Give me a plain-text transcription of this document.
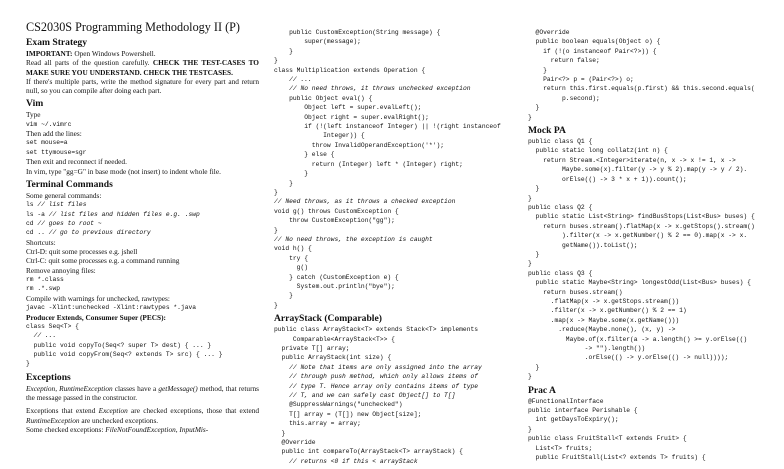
CS2030S Programming Methodology II (P)
Exam Strategy
IMPORTANT: Open Windows Powershell.
Read all parts of the question carefully. CHECK THE TEST-CASES TO MAKE SURE YOU UNDERSTAND. CHECK THE TESTCASES.
If there's multiple parts, write the method signature for every part and return null, so you can compile after doing each part.
Vim
Type
vim ~/.vimrc
Then add the lines:
set mouse=a
set ttymouse=sgr
Then exit and reconnect if needed.
In vim, type "gg=G" in base mode (not insert) to indent whole file.
Terminal Commands
Some general commands:
ls // list files
ls -a // list files and hidden files e.g. .swp
cd // goes to root ~
cd .. // go to previous directory
Shortcuts:
Ctrl-D: quit some processes e.g. jshell
Ctrl-C: quit some processes e.g. a command running
Remove annoying files:
rm *.class
rm .*.swp
Compile with warnings for unchecked, rawtypes:
javac -Xlint:unchecked -Xlint:rawtypes *.java
Producer Extends, Consumer Super (PECS):
class Seq<T> {
// ...
public void copyTo(Seq<? super T> dest) { ... }
public void copyFrom(Seq<? extends T> src) { ... }
}
Exceptions
Exception, RuntimeException classes have a getMessage() method, that returns the message passed in the constructor.
Exceptions that extend Exception are checked exceptions, those that extend RuntimeException are unchecked exceptions.
Some checked exceptions: FileNotFoundException, InputMis-
public CustomException(String message) {
super(message);
}
}
class Multiplication extends Operation {
// ...
// No need throws, it throws unchecked exception
public Object eval() {
Object left = super.evalLeft();
Object right = super.evalRight();
if (!(left instanceof Integer) || !(right instanceof
Integer)) {
throw InvalidOperandException('*');
} else {
return (Integer) left * (Integer) right;
}
}
}
// Need throws, as it throws a checked exception
void g() throws CustomException {
throw CustomException("gg");
}
// No need throws, the exception is caught
void h() {
try {
g()
} catch (CustomException e) {
System.out.println("bye");
}
}
ArrayStack (Comparable)
public class ArrayStack<T> extends Stack<T> implements
Comparable<ArrayStack<T>> {
private T[] array;
public ArrayStack(int size) {
// Note that items are only assigned into the array
// through push method, which only allows items of
// type T. Hence array only contains items of type
// T, and we can safely cast Object[] to T[]
@SuppressWarnings("unchecked")
T[] array = (T[]) new Object[size];
this.array = array;
}
@Override
public int compareTo(ArrayStack<T> arrayStack) {
// returns <0 if this < arrayStack
@Override
public boolean equals(Object o) {
if (!(o instanceof Pair<?>)) {
return false;
}
Pair<?> p = (Pair<?>) o;
return this.first.equals(p.first) && this.second.equals(
p.second);
}
}
Mock PA
public class Q1 {
public static long collatz(int n) {
return Stream.<Integer>iterate(n, x -> x != 1, x ->
Maybe.some(x).filter(y -> y % 2).map(y -> y / 2).
orElse(() -> 3 * x + 1)).count();
}
}
public class Q2 {
public static List<String> findBusStops(List<Bus> buses) {
return buses.stream().flatMap(x -> x.getStops().stream()
).filter(x -> x.getNumber() % 2 == 0).map(x -> x.
getName()).toList();
}
}
public class Q3 {
public static Maybe<String> longestOdd(List<Bus> buses) {
return buses.stream()
.flatMap(x -> x.getStops.stream())
.filter(x -> x.getNumber() % 2 == 1)
.map(x -> Maybe.some(x.getName()))
.reduce(Maybe.none(), (x, y) ->
Maybe.of(x.filter(a -> a.length() >= y.orElse(()
-> "").length())
.orElse(() -> y.orElse(() -> null))));
}
}
Prac A
@FunctionalInterface
public interface Perishable {
int getDaysToExpiry();
}
public class FruitStall<T extends Fruit> {
List<T> fruits;
public FruitStall(List<? extends T> fruits) {
